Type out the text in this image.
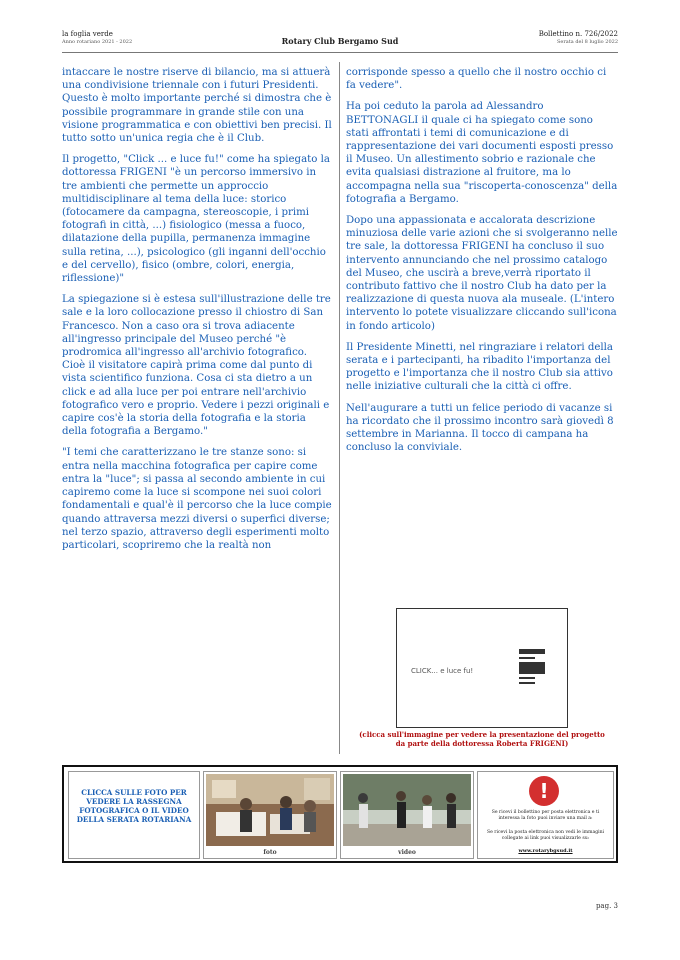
la foglia verde
Anno rotariano 2021 - 2022	Rotary Club Bergamo Sud
Bollettino n. 726/2022
Serata del 8 luglio 2022

intaccare le nostre riserve di bilancio, ma si attuerà una condivisione triennale con i futuri Presidenti. Questo è molto importante perché si dimostra che è possibile programmare in grande stile con una visione programmatica e con obiettivi ben precisi. Il tutto sotto un'unica regia che è il Club.

Il progetto, "Click ... e luce fu!" come ha spiegato la dottoressa FRIGENI "è un percorso immersivo in tre ambienti che permette un approccio multidisciplinare al tema della luce: storico (fotocamere da campagna, stereoscopie, i primi fotografi in città, ...) fisiologico (messa a fuoco, dilatazione della pupilla, permanenza immagine sulla retina, ...), psicologico (gli inganni dell'occhio e del cervello), fisico (ombre, colori, energia, riflessione)"

La spiegazione si è estesa sull'illustrazione delle tre sale e la loro collocazione presso il chiostro di San Francesco. Non a caso ora si trova adiacente all'ingresso principale del Museo perché "è prodromica all'ingresso all'archivio fotografico. Cioè il visitatore capirà prima come dal punto di vista scientifico funziona. Cosa ci sta dietro a un click e ad alla luce per poi entrare nell'archivio fotografico vero e proprio. Vedere i pezzi originali e capire cos'è la storia della fotografia e la storia della fotografia a Bergamo."

"I temi che caratterizzano le tre stanze sono: si entra nella macchina fotografica per capire come entra la "luce"; si passa al secondo ambiente in cui capiremo come la luce si scompone nei suoi colori fondamentali e qual'è il percorso che la luce compie quando attraversa mezzi diversi o superfici diverse; nel terzo spazio, attraverso degli esperimenti molto particolari, scopriremo che la realtà non

corrisponde spesso a quello che il nostro occhio ci fa vedere".

Ha poi ceduto la parola ad Alessandro BETTONAGLI il quale ci ha spiegato come sono stati affrontati i temi di comunicazione e di rappresentazione dei vari documenti esposti presso il Museo. Un allestimento sobrio e razionale che evita qualsiasi distrazione al fruitore, ma lo accompagna nella sua "riscoperta-conoscenza" della fotografia a Bergamo.

Dopo una appassionata e accalorata descrizione minuziosa delle varie azioni che si svolgeranno nelle tre sale, la dottoressa FRIGENI ha concluso il suo intervento annunciando che nel prossimo catalogo del Museo, che uscirà a breve,verrà riportato il contributo fattivo che il nostro Club ha dato per la realizzazione di questa nuova ala museale. (L'intero intervento lo potete visualizzare cliccando sull'icona in fondo articolo)

Il Presidente Minetti, nel ringraziare i relatori della serata e i partecipanti, ha ribadito l'importanza del progetto e l'importanza che il nostro Club sia attivo nelle iniziative culturali che la città ci offre.

Nell'augurare a tutti un felice periodo di vacanze si ha ricordato che il prossimo incontro sarà giovedì 8 settembre in Marianna. Il tocco di campana ha concluso la conviviale.

CLICK... e luce fu!
(clicca sull'immagine per vedere la presentazione del progetto da parte della dottoressa Roberta FRIGENI)
CLICCA SULLE FOTO PER VEDERE LA RASSEGNA FOTOGRAFICA O IL VIDEO DELLA SERATA ROTARIANA
foto	video
!
Se ricevi il bollettino per posta elettronica e ti interessa la foto puoi inviare una mail a:
Se ricevi la posta elettronica non vedi le immagini collegate ai link puoi visualizzarle su:
www.rotarybgsud.it
pag. 3
